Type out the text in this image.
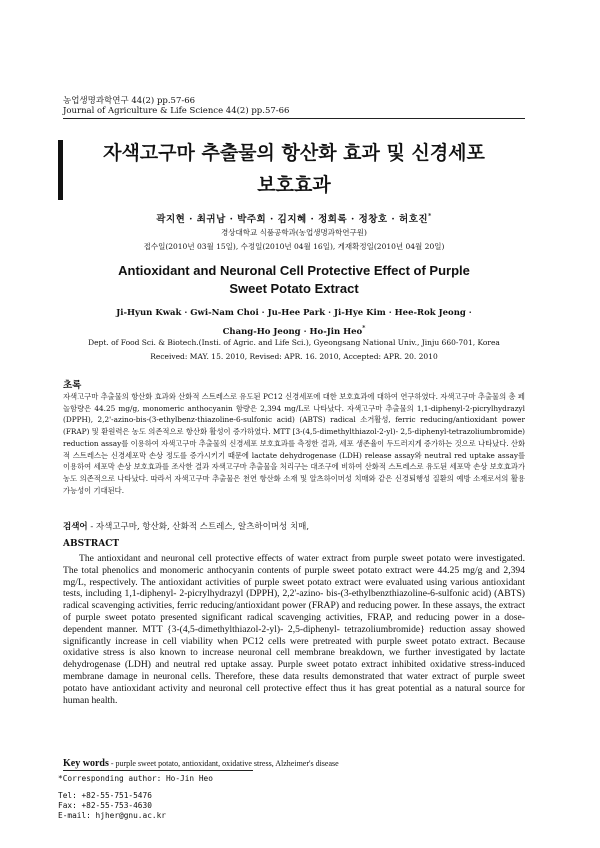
농업생명과학연구 44(2) pp.57-66
Journal of Agriculture & Life Science 44(2) pp.57-66
자색고구마 추출물의 항산화 효과 및 신경세포
보호효과
곽지현 · 최귀남 · 박주희 · 김지혜 · 정희록 · 정창호 · 허호진*
경상대학교 식품공학과(농업생명과학연구원)
접수일(2010년 03월 15일), 수정일(2010년 04월 16일), 게재확정일(2010년 04월 20일)
Antioxidant and Neuronal Cell Protective Effect of Purple
Sweet Potato Extract
Ji-Hyun Kwak · Gwi-Nam Choi · Ju-Hee Park · Ji-Hye Kim · Hee-Rok Jeong ·
Chang-Ho Jeong · Ho-Jin Heo*
Dept. of Food Sci. & Biotech.(Insti. of Agric. and Life Sci.), Gyeongsang National Univ., Jinju 660-701, Korea
Received: MAY. 15. 2010, Revised: APR. 16. 2010, Accepted: APR. 20. 2010
초록
자색고구마 추출물의 항산화 효과와 산화적 스트레스로 유도된 PC12 신경세포에 대한 보호효과에 대하여 연구하였다. 자색고구마 추출물의 총 페놀함량은 44.25 mg/g, monomeric anthocyanin 함량은 2,394 mg/L로 나타났다. 자색고구마 추출물의 1,1-diphenyl-2-picrylhydrazyl (DPPH), 2,2'-azino-bis-(3-ethylbenz-thiazoline-6-sulfonic acid) (ABTS) radical 소거활성, ferric reducing/antioxidant power (FRAP) 및 환원력은 농도 의존적으로 항산화 활성이 증가하였다. MTT [3-(4,5-dimethylthiazol-2-yl)- 2,5-diphenyl-tetrazoliumbromide) reduction assay를 이용하여 자색고구마 추출물의 신경세포 보호효과를 측정한 결과, 세포 생존율이 두드러지게 증가하는 것으로 나타났다. 산화적 스트레스는 신경세포막 손상 정도를 증가시키기 때문에 lactate dehydrogenase (LDH) release assay와 neutral red uptake assay를 이용하여 세포막 손상 보호효과를 조사한 결과 자색고구마 추출물을 처리구는 대조구에 비하여 산화적 스트레스로 유도된 세포막 손상 보호효과가 농도 의존적으로 나타났다. 따라서 자색고구마 추출물은 천연 항산화 소재 및 알츠하이머성 치매와 같은 신경퇴행성 질환의 예방 소재로서의 활용 가능성이 기대된다.
검색어 - 자색고구마, 항산화, 산화적 스트레스, 알츠하이머성 치매,
ABSTRACT
The antioxidant and neuronal cell protective effects of water extract from purple sweet potato were investigated. The total phenolics and monomeric anthocyanin contents of purple sweet potato extract were 44.25 mg/g and 2,394 mg/L, respectively. The antioxidant activities of purple sweet potato extract were evaluated using various antioxidant tests, including 1,1-diphenyl- 2-picrylhydrazyl (DPPH), 2,2'-azino- bis-(3-ethylbenzthiazoline-6-sulfonic acid) (ABTS) radical scavenging activities, ferric reducing/antioxidant power (FRAP) and reducing power. In these assays, the extract of purple sweet potato presented significant radical scavenging activities, FRAP, and reducing power in a dose-dependent manner. MTT {3-(4,5-dimethylthiazol-2-yl)- 2,5-diphenyl- tetrazoliumbromide} reduction assay showed significantly increase in cell viability when PC12 cells were pretreated with purple sweet potato extract. Because oxidative stress is also known to increase neuronal cell membrane breakdown, we further investigated by lactate dehydrogenase (LDH) and neutral red uptake assay. Purple sweet potato extract inhibited oxidative stress-induced membrane damage in neuronal cells. Therefore, these data results demonstrated that water extract of purple sweet potato have antioxidant activity and neuronal cell protective effect thus it has great potential as a natural source for human health.
Key words - purple sweet potato, antioxidant, oxidative stress, Alzheimer's disease
*Corresponding author: Ho-Jin Heo
Tel: +82-55-751-5476
Fax: +82-55-753-4630
E-mail: hjher@gnu.ac.kr
